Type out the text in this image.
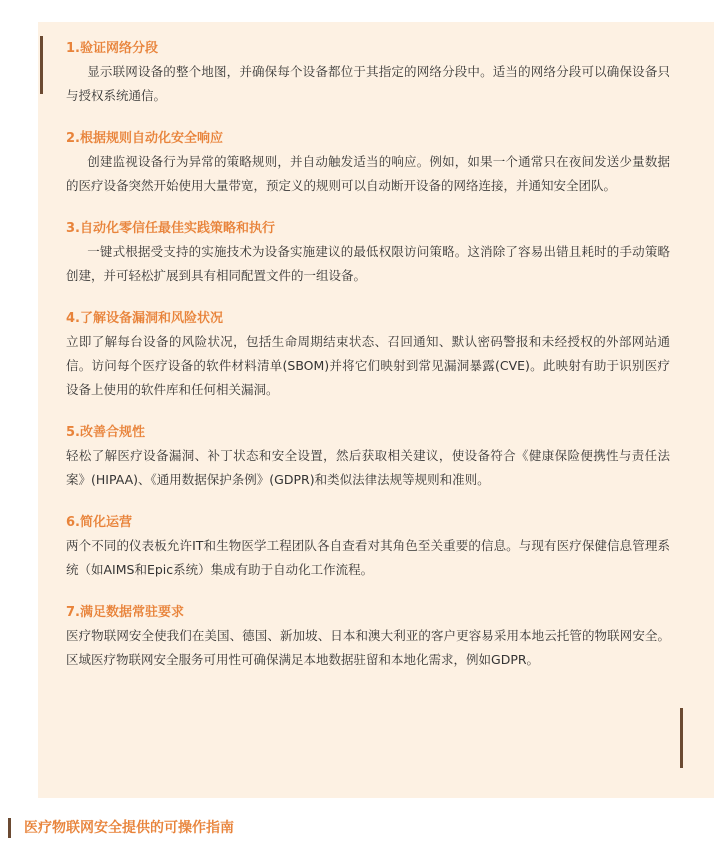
1.验证网络分段

显示联网设备的整个地图，并确保每个设备都位于其指定的网络分段中。适当的网络分段可以确保设备只与授权系统通信。

2.根据规则自动化安全响应

创建监视设备行为异常的策略规则，并自动触发适当的响应。例如，如果一个通常只在夜间发送少量数据的医疗设备突然开始使用大量带宽，预定义的规则可以自动断开设备的网络连接，并通知安全团队。

3.自动化零信任最佳实践策略和执行

一键式根据受支持的实施技术为设备实施建议的最低权限访问策略。这消除了容易出错且耗时的手动策略创建，并可轻松扩展到具有相同配置文件的一组设备。

4.了解设备漏洞和风险状况

立即了解每台设备的风险状况，包括生命周期结束状态、召回通知、默认密码警报和未经授权的外部网站通信。访问每个医疗设备的软件材料清单(SBOM)并将它们映射到常见漏洞暴露(CVE)。此映射有助于识别医疗设备上使用的软件库和任何相关漏洞。

5.改善合规性

轻松了解医疗设备漏洞、补丁状态和安全设置，然后获取相关建议，使设备符合《健康保险便携性与责任法案》(HIPAA)、《通用数据保护条例》(GDPR)和类似法律法规等规则和准则。

6.简化运营

两个不同的仪表板允许IT和生物医学工程团队各自查看对其角色至关重要的信息。与现有医疗保健信息管理系统（如AIMS和Epic系统）集成有助于自动化工作流程。

7.满足数据常驻要求

医疗物联网安全使我们在美国、德国、新加坡、日本和澳大利亚的客户更容易采用本地云托管的物联网安全。区域医疗物联网安全服务可用性可确保满足本地数据驻留和本地化需求，例如GDPR。

医疗物联网安全提供的可操作指南
